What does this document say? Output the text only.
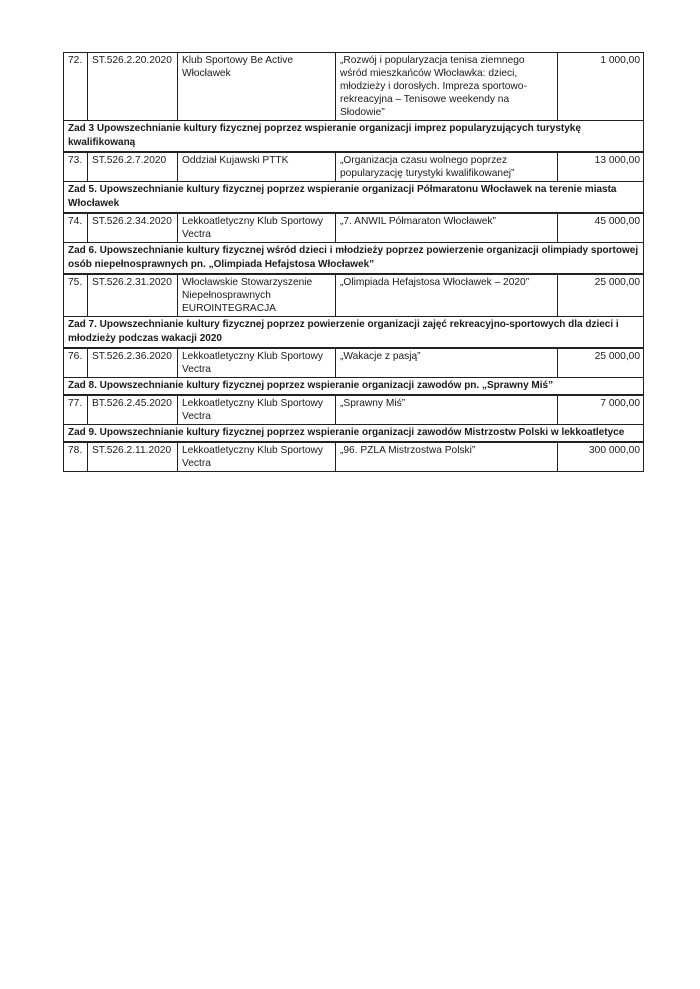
72.	ST.526.2.20.2020	Klub Sportowy Be Active Włocławek	„Rozwój i popularyzacja tenisa ziemnego wśród mieszkańców Włocławka: dzieci, młodzieży i dorosłych. Impreza sportowo-rekreacyjna – Tenisowe weekendy na Słodowie”	1 000,00
Zad 3 Upowszechnianie kultury fizycznej poprzez wspieranie organizacji imprez popularyzujących turystykę kwalifikowaną				
73.	ST.526.2.7.2020	Oddział Kujawski PTTK	„Organizacja czasu wolnego poprzez popularyzację turystyki kwalifikowanej”	13 000,00
Zad 5. Upowszechnianie kultury fizycznej poprzez wspieranie organizacji Półmaratonu Włocławek na terenie miasta Włocławek				
74.	ST.526.2.34.2020	Lekkoatletyczny Klub Sportowy Vectra	„7. ANWIL Półmaraton Włocławek”	45 000,00
Zad 6. Upowszechnianie kultury fizycznej wśród dzieci i młodzieży poprzez powierzenie organizacji olimpiady sportowej osób niepełnosprawnych pn. „Olimpiada Hefajstosa Włocławek”				
75.	ST.526.2.31.2020	Włocławskie Stowarzyszenie Niepełnosprawnych EUROINTEGRACJA	„Olimpiada Hefajstosa Włocławek – 2020”	25 000,00
Zad 7. Upowszechnianie kultury fizycznej poprzez powierzenie organizacji zajęć rekreacyjno-sportowych dla dzieci i młodzieży podczas wakacji 2020				
76.	ST.526.2.36.2020	Lekkoatletyczny Klub Sportowy Vectra	„Wakacje z pasją”	25 000,00
Zad 8. Upowszechnianie kultury fizycznej poprzez wspieranie organizacji zawodów pn. „Sprawny Miś”				
77.	BT.526.2.45.2020	Lekkoatletyczny Klub Sportowy Vectra	„Sprawny Miś”	7 000,00
Zad 9. Upowszechnianie kultury fizycznej poprzez wspieranie organizacji zawodów Mistrzostw Polski w lekkoatletyce				
78.	ST.526.2.11.2020	Lekkoatletyczny Klub Sportowy Vectra	„96. PZLA Mistrzostwa Polski”	300 000,00
